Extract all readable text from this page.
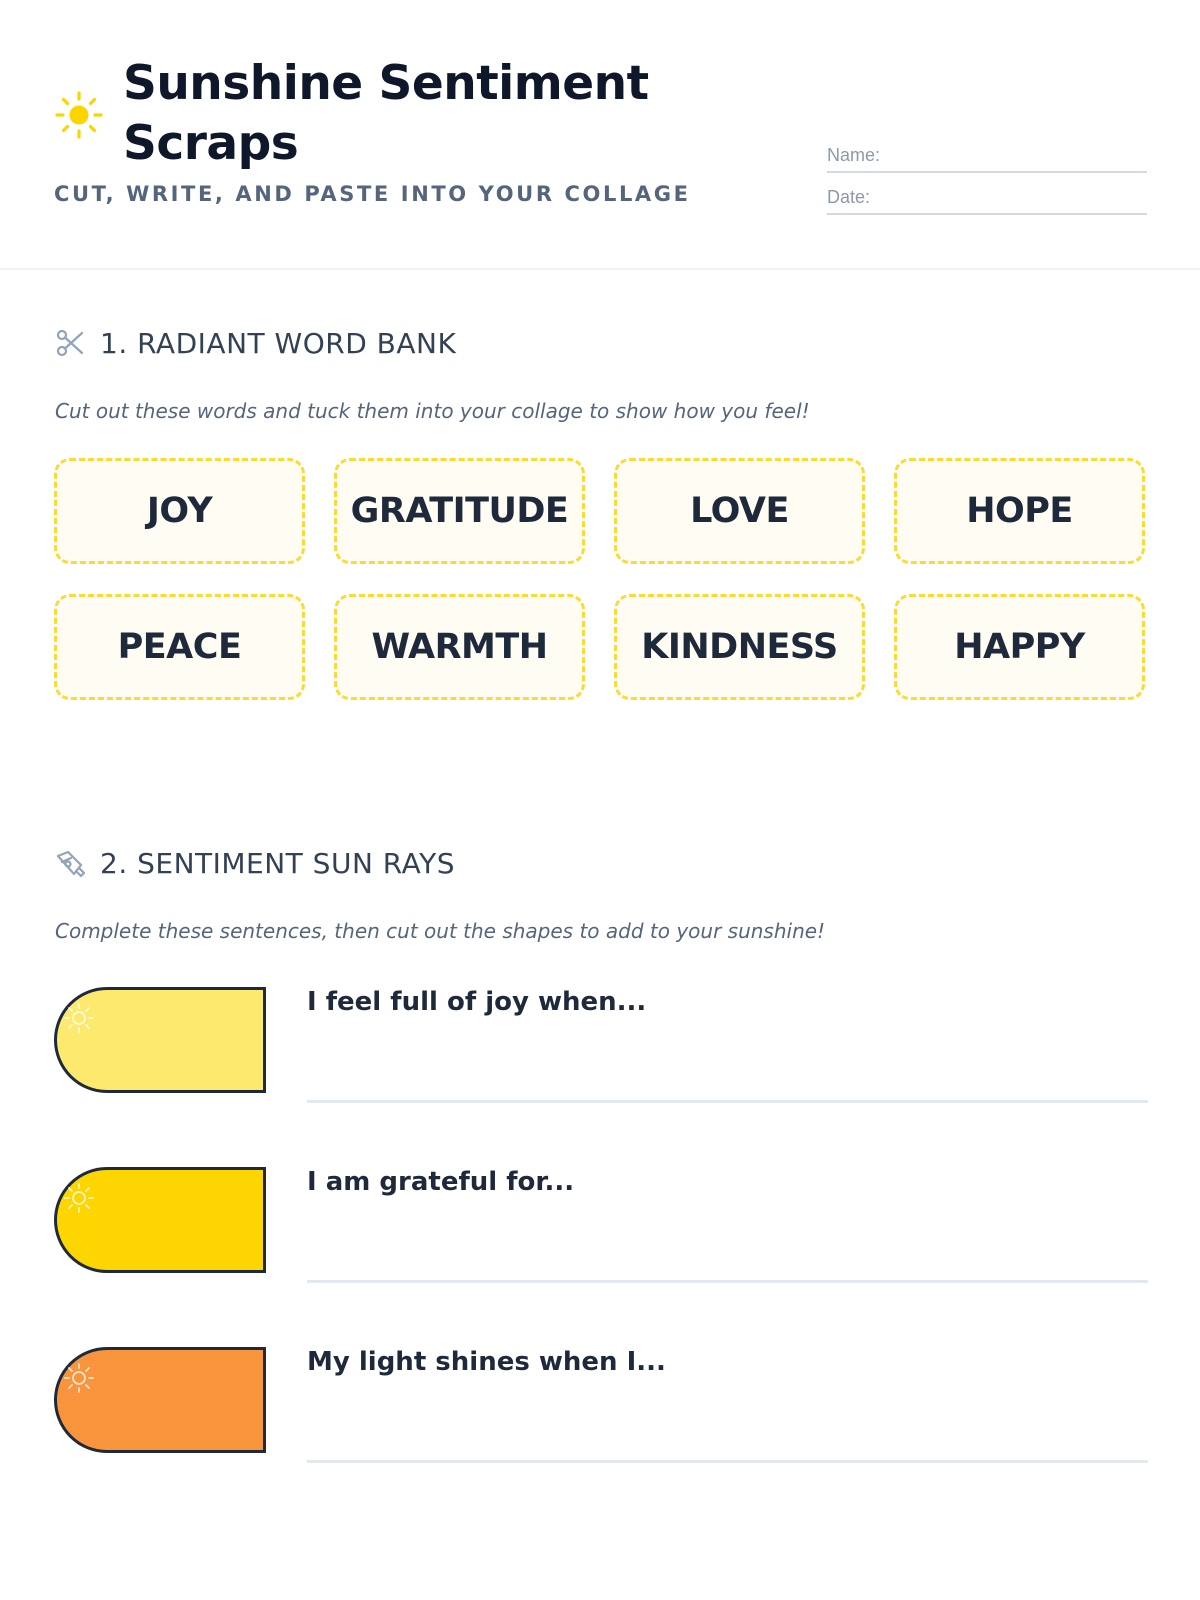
Sunshine Sentiment
Scraps
CUT, WRITE, AND PASTE INTO YOUR COLLAGE
Name:
Date:
1. RADIANT WORD BANK
Cut out these words and tuck them into your collage to show how you feel!
JOY	GRATITUDE	LOVE	HOPE
PEACE	WARMTH	KINDNESS	HAPPY
2. SENTIMENT SUN RAYS
Complete these sentences, then cut out the shapes to add to your sunshine!
I feel full of joy when...
I am grateful for...
My light shines when I...
